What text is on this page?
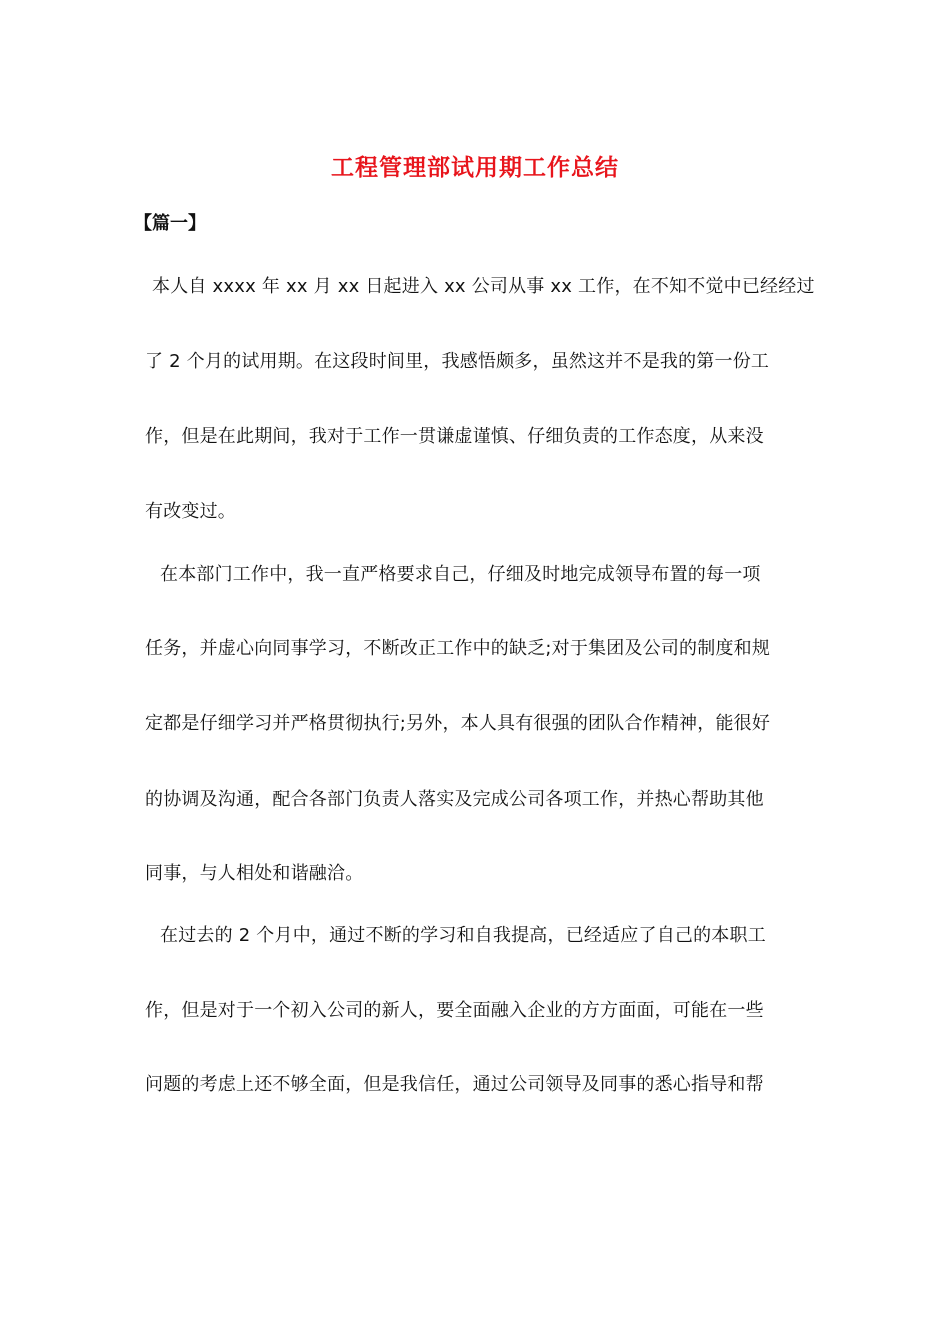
工程管理部试用期工作总结
【篇一】
本人自 xxxx 年 xx 月 xx 日起进入 xx 公司从事 xx 工作，在不知不觉中已经经过
了 2 个月的试用期。在这段时间里，我感悟颇多，虽然这并不是我的第一份工
作，但是在此期间，我对于工作一贯谦虚谨慎、仔细负责的工作态度，从来没
有改变过。
在本部门工作中，我一直严格要求自己，仔细及时地完成领导布置的每一项
任务，并虚心向同事学习，不断改正工作中的缺乏;对于集团及公司的制度和规
定都是仔细学习并严格贯彻执行;另外，本人具有很强的团队合作精神，能很好
的协调及沟通，配合各部门负责人落实及完成公司各项工作，并热心帮助其他
同事，与人相处和谐融洽。
在过去的 2 个月中，通过不断的学习和自我提高，已经适应了自己的本职工
作，但是对于一个初入公司的新人，要全面融入企业的方方面面，可能在一些
问题的考虑上还不够全面，但是我信任，通过公司领导及同事的悉心指导和帮
